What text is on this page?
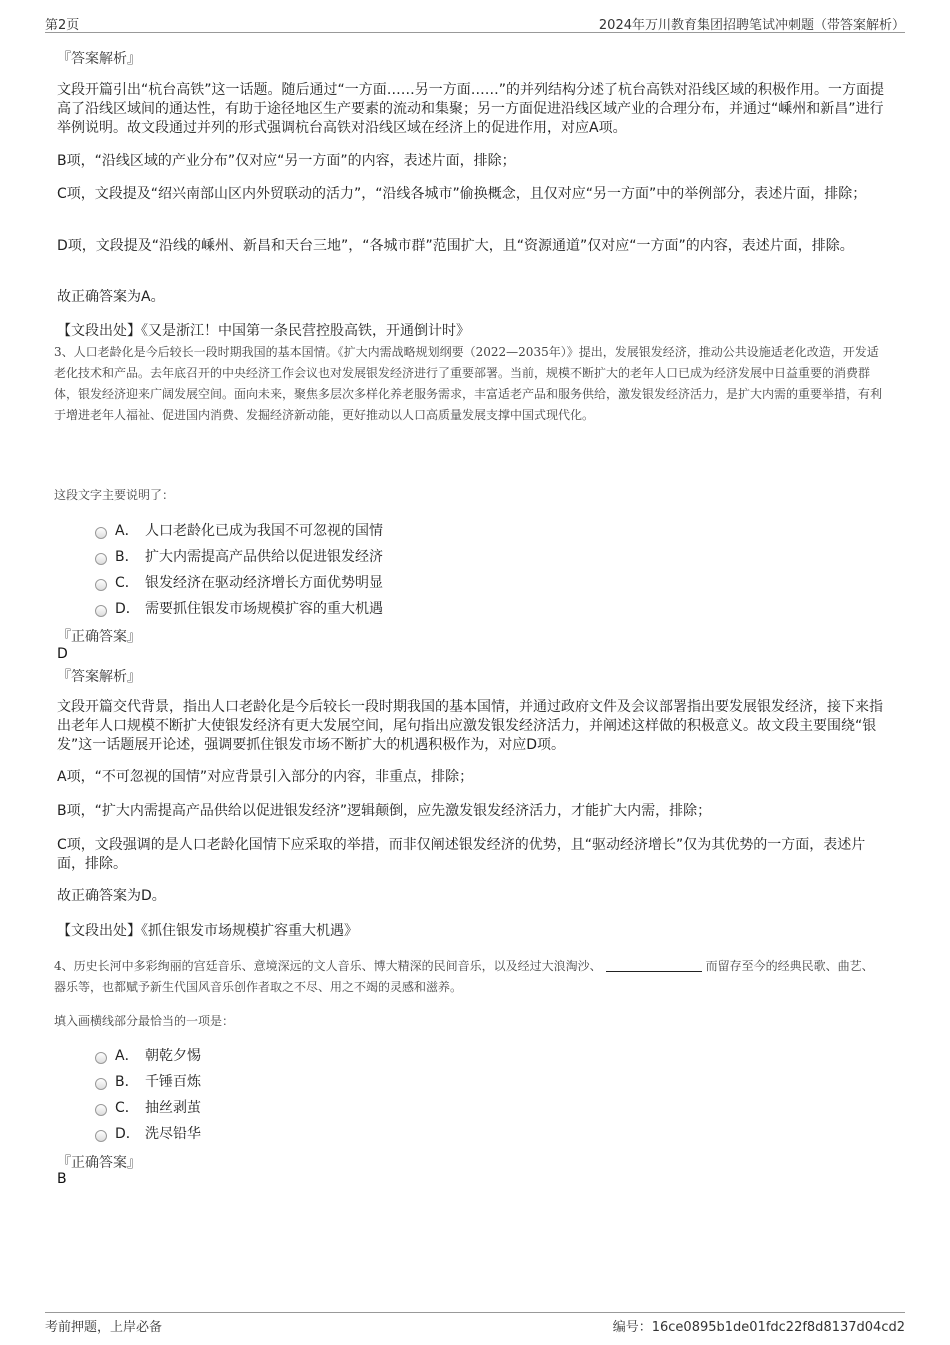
第2页	2024年万川教育集团招聘笔试冲刺题（带答案解析）
『答案解析』
文段开篇引出“杭台高铁”这一话题。随后通过“一方面……另一方面……”的并列结构分述了杭台高铁对沿线区域的积极作用。一方面提高了沿线区域间的通达性，有助于途径地区生产要素的流动和集聚；另一方面促进沿线区域产业的合理分布，并通过“嵊州和新昌”进行举例说明。故文段通过并列的形式强调杭台高铁对沿线区域在经济上的促进作用，对应A项。
B项，“沿线区域的产业分布”仅对应“另一方面”的内容，表述片面，排除；
C项，文段提及“绍兴南部山区内外贸联动的活力”，“沿线各城市”偷换概念，且仅对应“另一方面”中的举例部分，表述片面，排除；
D项，文段提及“沿线的嵊州、新昌和天台三地”，“各城市群”范围扩大，且“资源通道”仅对应“一方面”的内容，表述片面，排除。
故正确答案为A。
【文段出处】《又是浙江！中国第一条民营控股高铁，开通倒计时》
3、人口老龄化是今后较长一段时期我国的基本国情。《扩大内需战略规划纲要（2022—2035年）》提出，发展银发经济，推动公共设施适老化改造，开发适老化技术和产品。去年底召开的中央经济工作会议也对发展银发经济进行了重要部署。当前，规模不断扩大的老年人口已成为经济发展中日益重要的消费群体，银发经济迎来广阔发展空间。面向未来，聚焦多层次多样化养老服务需求，丰富适老产品和服务供给，激发银发经济活力，是扩大内需的重要举措，有利于增进老年人福祉、促进国内消费、发掘经济新动能，更好推动以人口高质量发展支撑中国式现代化。
这段文字主要说明了：
A． 人口老龄化已成为我国不可忽视的国情
B． 扩大内需提高产品供给以促进银发经济
C． 银发经济在驱动经济增长方面优势明显
D． 需要抓住银发市场规模扩容的重大机遇
『正确答案』
D
『答案解析』
文段开篇交代背景，指出人口老龄化是今后较长一段时期我国的基本国情，并通过政府文件及会议部署指出要发展银发经济，接下来指出老年人口规模不断扩大使银发经济有更大发展空间，尾句指出应激发银发经济活力，并阐述这样做的积极意义。故文段主要围绕“银发”这一话题展开论述，强调要抓住银发市场不断扩大的机遇积极作为，对应D项。
A项，“不可忽视的国情”对应背景引入部分的内容，非重点，排除；
B项，“扩大内需提高产品供给以促进银发经济”逻辑颠倒，应先激发银发经济活力，才能扩大内需，排除；
C项，文段强调的是人口老龄化国情下应采取的举措，而非仅阐述银发经济的优势，且“驱动经济增长”仅为其优势的一方面，表述片面，排除。
故正确答案为D。
【文段出处】《抓住银发市场规模扩容重大机遇》
4、历史长河中多彩绚丽的宫廷音乐、意境深远的文人音乐、博大精深的民间音乐，以及经过大浪淘沙、	而留存至今的经典民歌、曲艺、器乐等，也都赋予新生代国风音乐创作者取之不尽、用之不竭的灵感和滋养。
填入画横线部分最恰当的一项是：
A． 朝乾夕惕
B． 千锤百炼
C． 抽丝剥茧
D． 洗尽铅华
『正确答案』
B
考前押题，上岸必备	编号：16ce0895b1de01fdc22f8d8137d04cd2
